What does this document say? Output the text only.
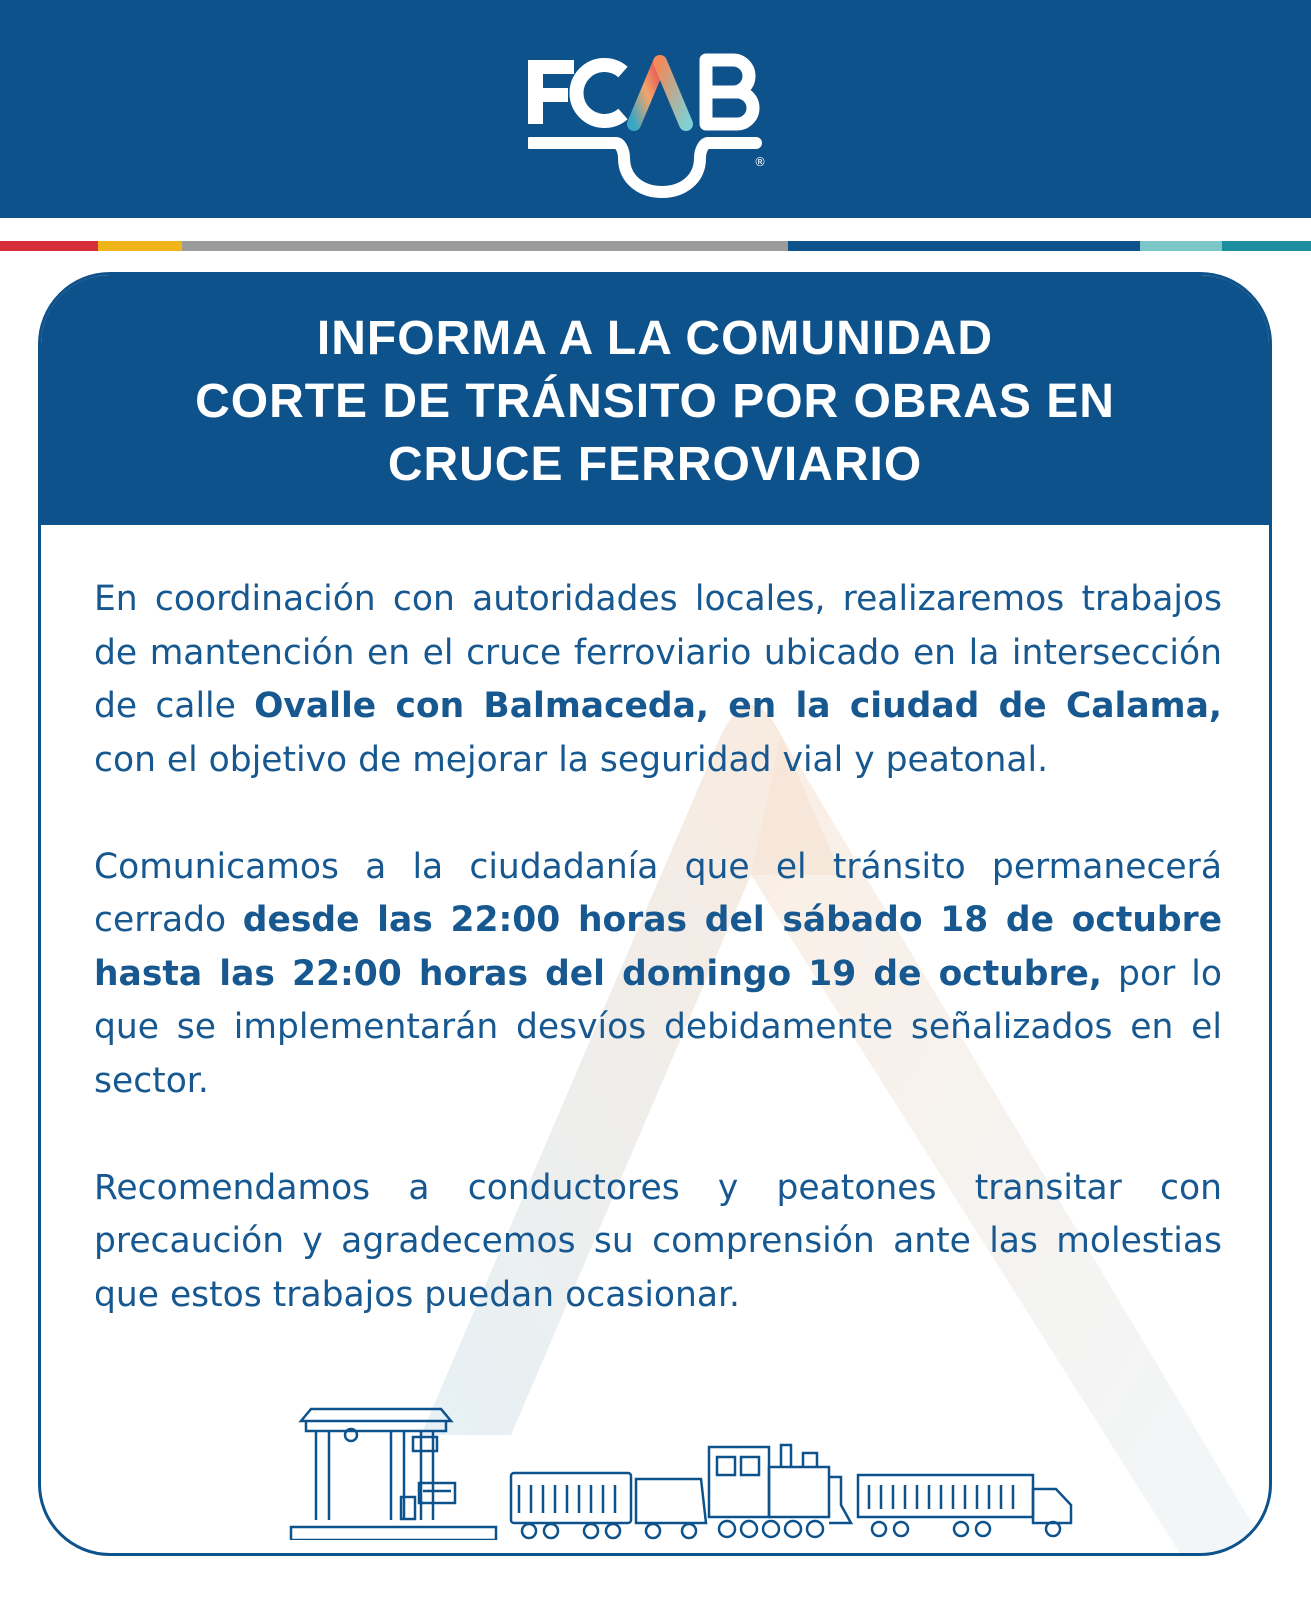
®
INFORMA A LA COMUNIDAD
CORTE DE TRÁNSITO POR OBRAS EN
CRUCE FERROVIARIO

En coordinación con autoridades locales, realizaremos trabajos de mantención en el cruce ferroviario ubicado en la intersección de calle Ovalle con Balmaceda, en la ciudad de Calama, con el objetivo de mejorar la seguridad vial y peatonal.

Comunicamos a la ciudadanía que el tránsito permanecerá cerrado desde las 22:00 horas del sábado 18 de octubre hasta las 22:00 horas del domingo 19 de octubre, por lo que se implementarán desvíos debidamente señalizados en el sector.

Recomendamos a conductores y peatones transitar con precaución y agradecemos su comprensión ante las molestias que estos trabajos puedan ocasionar.
